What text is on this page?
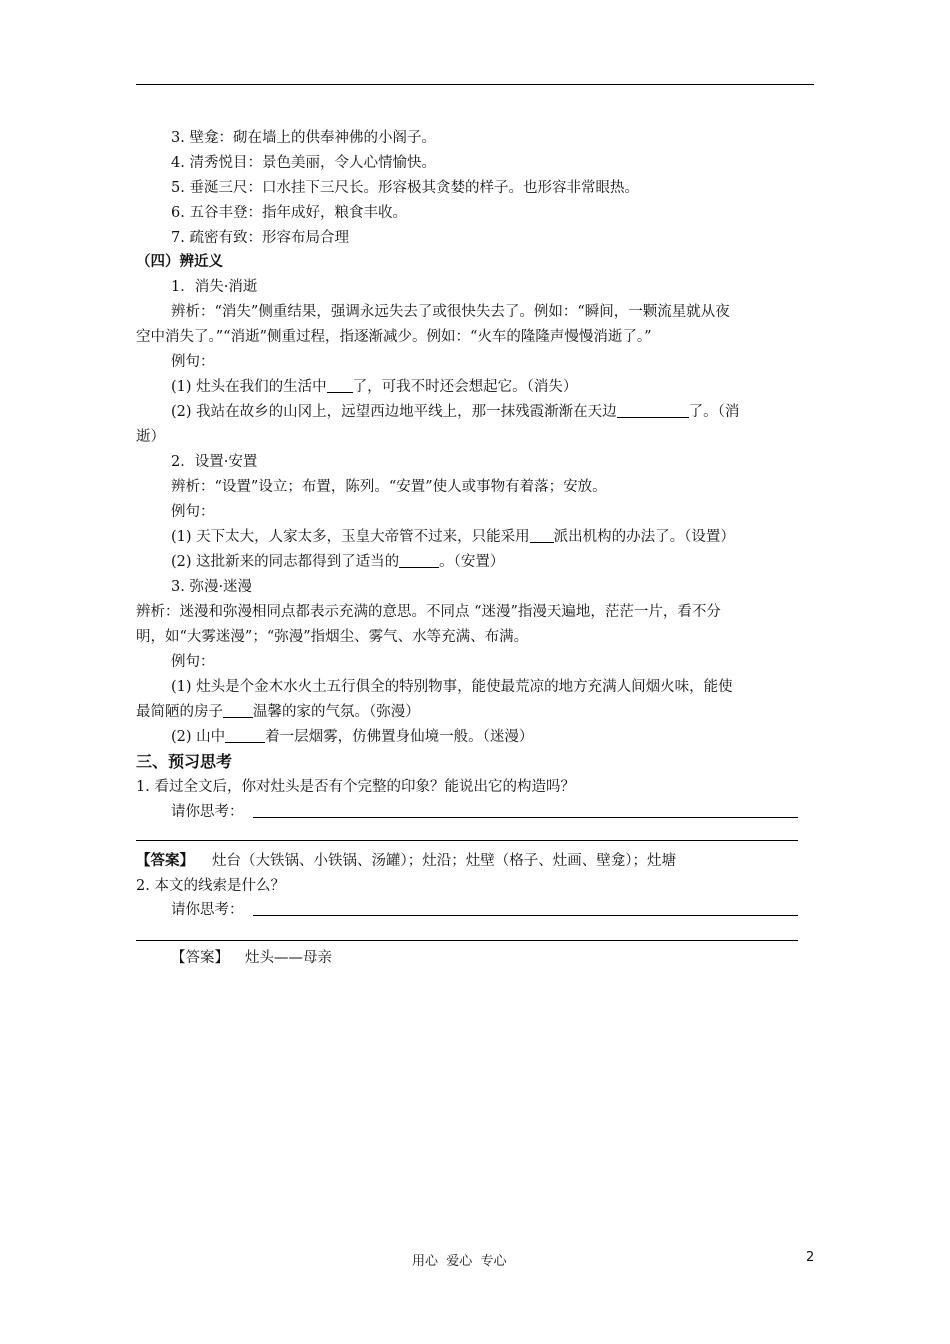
3. 壁龛：砌在墙上的供奉神佛的小阁子。
4. 清秀悦目：景色美丽，令人心情愉快。
5. 垂涎三尺：口水挂下三尺长。形容极其贪婪的样子。也形容非常眼热。
6. 五谷丰登：指年成好，粮食丰收。
7. 疏密有致：形容布局合理
（四）辨近义
1．消失·消逝
辨析：“消失”侧重结果，强调永远失去了或很快失去了。例如：“瞬间，一颗流星就从夜
空中消失了。”“消逝”侧重过程，指逐渐减少。例如：“火车的隆隆声慢慢消逝了。”
例句：
(1) 灶头在我们的生活中 了，可我不时还会想起它。（消失）
(2) 我站在故乡的山冈上，远望西边地平线上，那一抹残霞渐渐在天边	了。（消
逝）
2．设置·安置
辨析：“设置”设立；布置，陈列。“安置”使人或事物有着落；安放。
例句：
(1) 天下太大，人家太多，玉皇大帝管不过来，只能采用 派出机构的办法了。（设置）
(2) 这批新来的同志都得到了适当的	。（安置）
3. 弥漫·迷漫
辨析：迷漫和弥漫相同点都表示充满的意思。不同点 “迷漫”指漫天遍地，茫茫一片，看不分
明，如“大雾迷漫”；“弥漫”指烟尘、雾气、水等充满、布满。
例句：
(1) 灶头是个金木水火土五行俱全的特别物事，能使最荒凉的地方充满人间烟火味，能使
最简陋的房子 温馨的家的气氛。（弥漫）
(2) 山中	着一层烟雾，仿佛置身仙境一般。（迷漫）
三、预习思考
1. 看过全文后，你对灶头是否有个完整的印象？能说出它的构造吗？
请你思考：
【答案】 灶台（大铁锅、小铁锅、汤罐）；灶沿；灶壁（格子、灶画、壁龛）；灶塘
2. 本文的线索是什么？
请你思考：
【答案】 灶头——母亲
用心  爱心  专心	2
